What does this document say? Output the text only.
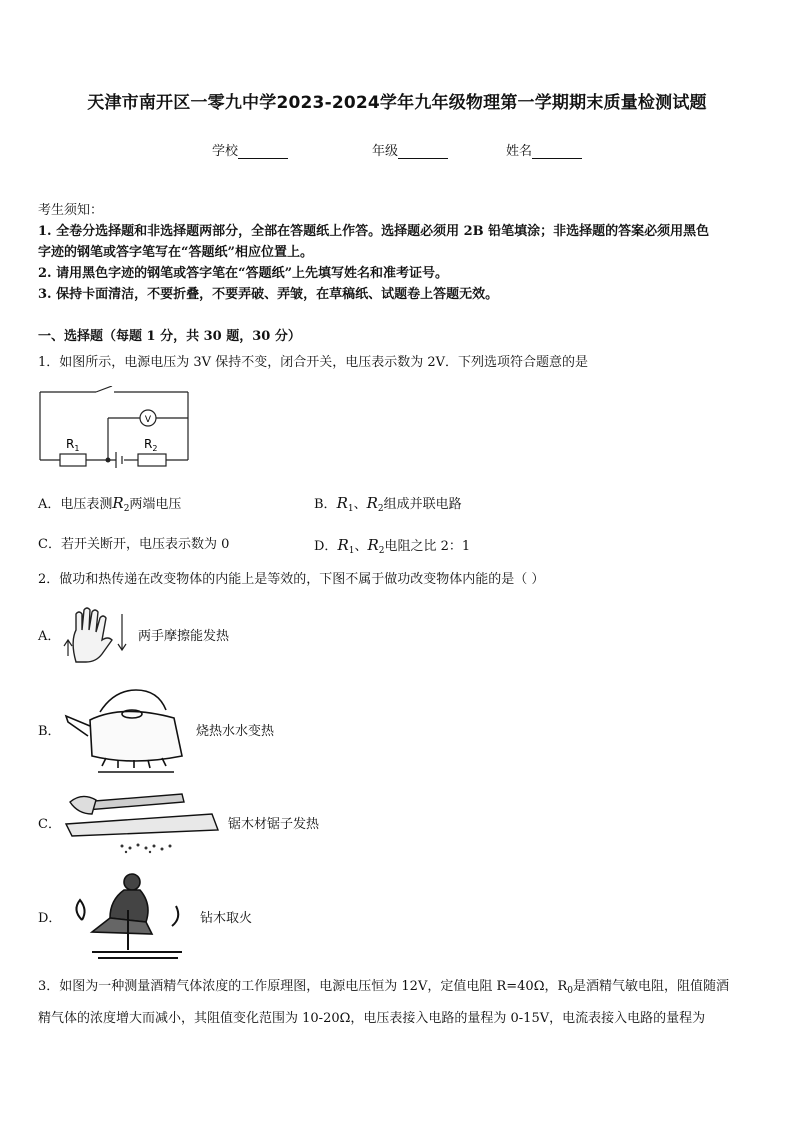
天津市南开区一零九中学2023-2024学年九年级物理第一学期期末质量检测试题
学校	年级	姓名
考生须知：
1. 全卷分选择题和非选择题两部分，全部在答题纸上作答。选择题必须用 2B 铅笔填涂；非选择题的答案必须用黑色
字迹的钢笔或答字笔写在“答题纸”相应位置上。
2. 请用黑色字迹的钢笔或答字笔在“答题纸”上先填写姓名和准考证号。
3. 保持卡面清洁，不要折叠，不要弄破、弄皱，在草稿纸、试题卷上答题无效。
一、选择题（每题 1 分，共 30 题，30 分）
1．如图所示，电源电压为 3V 保持不变，闭合开关，电压表示数为 2V．下列选项符合题意的是
V
$R_1$	$R_2$
A．电压表测$R_2$两端电压	B．$R_1$、$R_2$组成并联电路
C．若开关断开，电压表示数为 0	D．$R_1$、$R_2$电阻之比 2：1
2．做功和热传递在改变物体的内能上是等效的，下图不属于做功改变物体内能的是（ ）
A．	两手摩擦能发热
B．	烧热水水变热
C．	锯木材锯子发热
D．	钻木取火
3．如图为一种测量酒精气体浓度的工作原理图，电源电压恒为 12V，定值电阻 R=40Ω，$R_0$是酒精气敏电阻，阻值随酒
精气体的浓度增大而减小，其阻值变化范围为 10-20Ω，电压表接入电路的量程为 0-15V，电流表接入电路的量程为
